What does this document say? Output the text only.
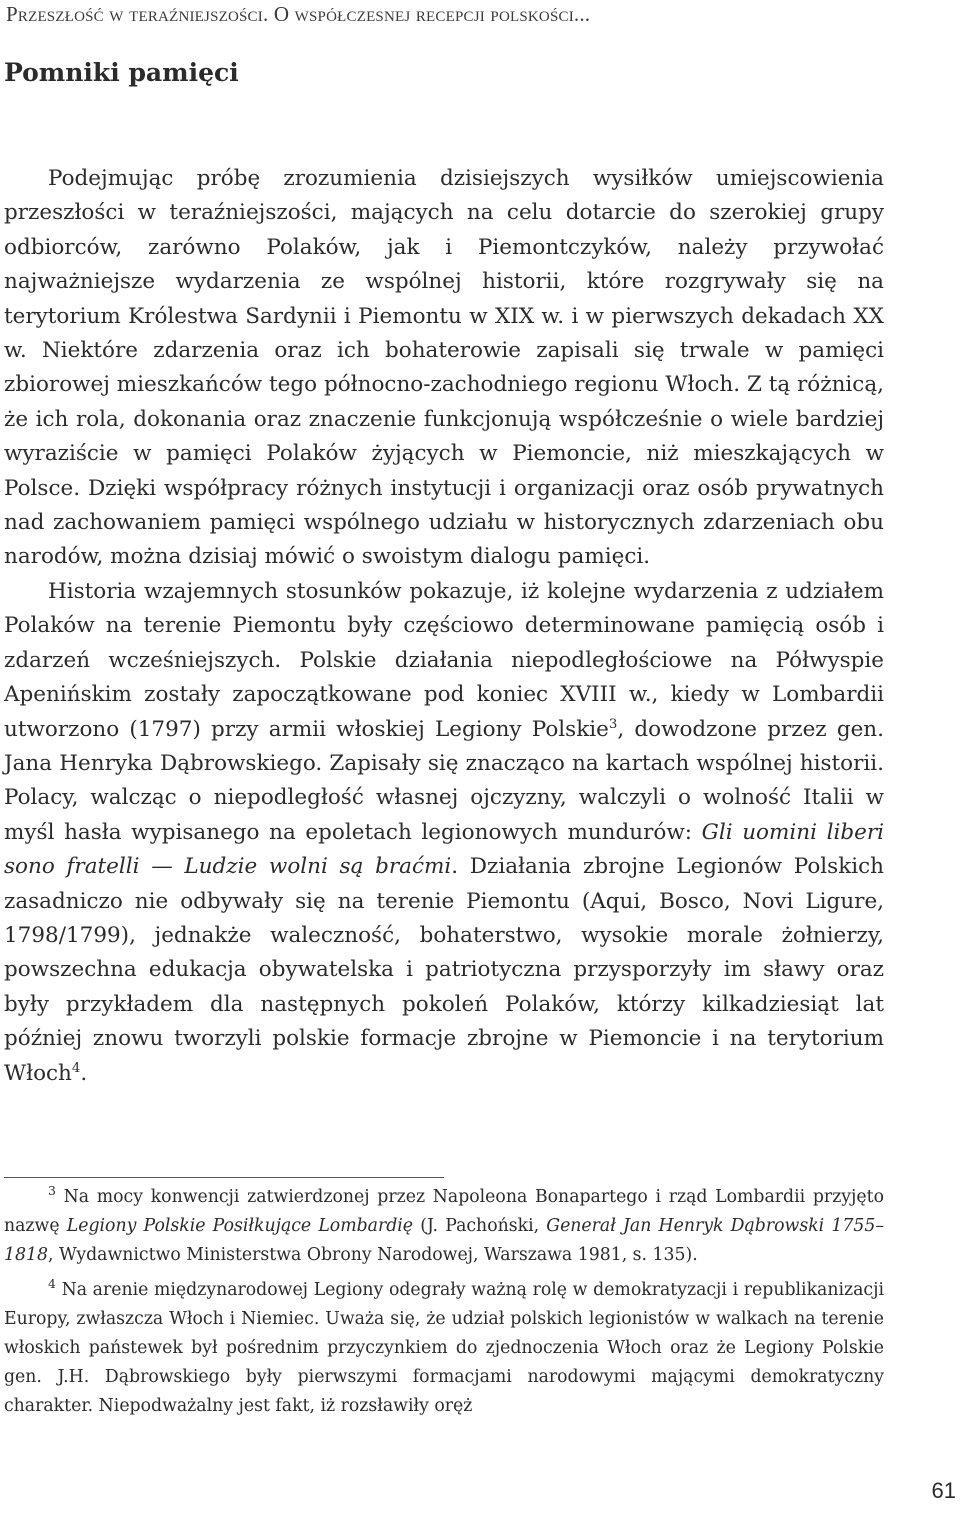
Przeszłość w teraźniejszości. O współczesnej recepcji polskości...
Pomniki pamięci

Podejmując próbę zrozumienia dzisiejszych wysiłków umiejscowienia przeszłości w teraźniejszości, mających na celu dotarcie do szerokiej grupy odbiorców, zarówno Polaków, jak i Piemontczyków, należy przywołać najważniejsze wydarzenia ze wspólnej historii, które rozgrywały się na terytorium Królestwa Sardynii i Piemontu w XIX w. i w pierwszych dekadach XX w. Niektóre zdarzenia oraz ich bohaterowie zapisali się trwale w pamięci zbiorowej mieszkańców tego północno-zachodniego regionu Włoch. Z tą różnicą, że ich rola, dokonania oraz znaczenie funkcjonują współcześnie o wiele bardziej wyraziście w pamięci Polaków żyjących w Piemoncie, niż mieszkających w Polsce. Dzięki współpracy różnych instytucji i organizacji oraz osób prywatnych nad zachowaniem pamięci wspólnego udziału w historycznych zdarzeniach obu narodów, można dzisiaj mówić o swoistym dialogu pamięci.

Historia wzajemnych stosunków pokazuje, iż kolejne wydarzenia z udziałem Polaków na terenie Piemontu były częściowo determinowane pamięcią osób i zdarzeń wcześniejszych. Polskie działania niepodległościowe na Półwyspie Apenińskim zostały zapoczątkowane pod koniec XVIII w., kiedy w Lombardii utworzono (1797) przy armii włoskiej Legiony Polskie$^3$, dowodzone przez gen. Jana Henryka Dąbrowskiego. Zapisały się znacząco na kartach wspólnej historii. Polacy, walcząc o niepodległość własnej ojczyzny, walczyli o wolność Italii w myśl hasła wypisanego na epoletach legionowych mundurów: Gli uomini liberi sono fratelli — Ludzie wolni są braćmi. Działania zbrojne Legionów Polskich zasadniczo nie odbywały się na terenie Piemontu (Aqui, Bosco, Novi Ligure, 1798/1799), jednakże waleczność, bohaterstwo, wysokie morale żołnierzy, powszechna edukacja obywatelska i patriotyczna przysporzyły im sławy oraz były przykładem dla następnych pokoleń Polaków, którzy kilkadziesiąt lat później znowu tworzyli polskie formacje zbrojne w Piemoncie i na terytorium Włoch$^4$.

$^3$ Na mocy konwencji zatwierdzonej przez Napoleona Bonapartego i rząd Lombardii przyjęto nazwę Legiony Polskie Posiłkujące Lombardię (J. Pachoński, Generał Jan Henryk Dąbrowski 1755–1818, Wydawnictwo Ministerstwa Obrony Narodowej, Warszawa 1981, s. 135).

$^4$ Na arenie międzynarodowej Legiony odegrały ważną rolę w demokratyzacji i republikanizacji Europy, zwłaszcza Włoch i Niemiec. Uważa się, że udział polskich legionistów w walkach na terenie włoskich państewek był pośrednim przyczynkiem do zjednoczenia Włoch oraz że Legiony Polskie gen. J.H. Dąbrowskiego były pierwszymi formacjami narodowymi mającymi demokratyczny charakter. Niepodważalny jest fakt, iż rozsławiły oręż

61
